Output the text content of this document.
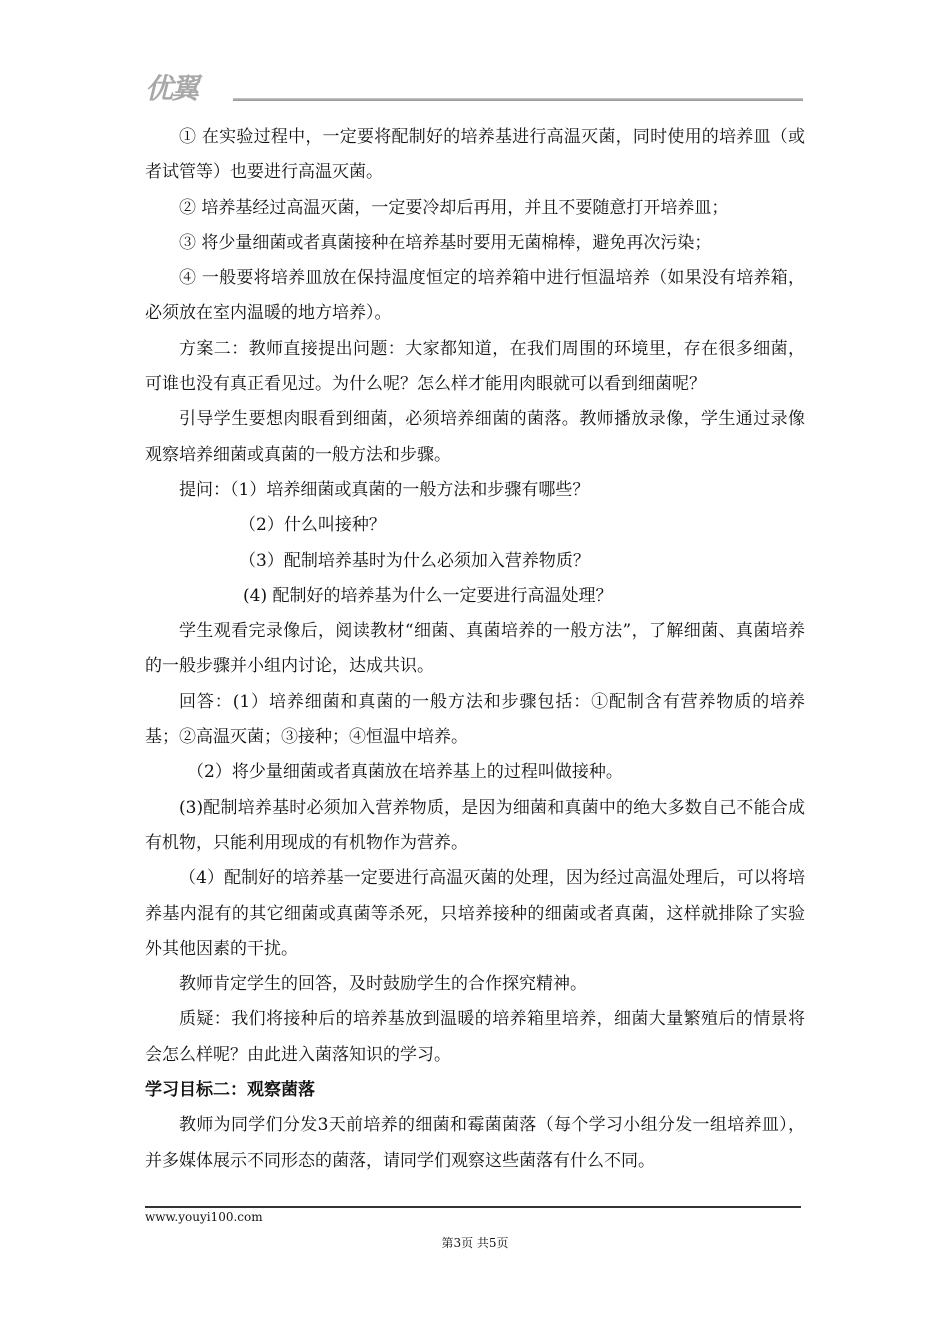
优翼

① 在实验过程中，一定要将配制好的培养基进行高温灭菌，同时使用的培养皿（或者试管等）也要进行高温灭菌。

② 培养基经过高温灭菌，一定要冷却后再用，并且不要随意打开培养皿；

③ 将少量细菌或者真菌接种在培养基时要用无菌棉棒，避免再次污染；

④ 一般要将培养皿放在保持温度恒定的培养箱中进行恒温培养（如果没有培养箱，必须放在室内温暖的地方培养）。

方案二：教师直接提出问题：大家都知道，在我们周围的环境里，存在很多细菌，可谁也没有真正看见过。为什么呢？怎么样才能用肉眼就可以看到细菌呢？

引导学生要想肉眼看到细菌，必须培养细菌的菌落。教师播放录像，学生通过录像观察培养细菌或真菌的一般方法和步骤。

提问：（1）培养细菌或真菌的一般方法和步骤有哪些？

（2）什么叫接种？

（3）配制培养基时为什么必须加入营养物质？

(4) 配制好的培养基为什么一定要进行高温处理？

学生观看完录像后，阅读教材“细菌、真菌培养的一般方法”，了解细菌、真菌培养的一般步骤并小组内讨论，达成共识。

回答：(1）培养细菌和真菌的一般方法和步骤包括：①配制含有营养物质的培养基；②高温灭菌；③接种；④恒温中培养。

（2）将少量细菌或者真菌放在培养基上的过程叫做接种。

(3)配制培养基时必须加入营养物质，是因为细菌和真菌中的绝大多数自己不能合成有机物，只能利用现成的有机物作为营养。

（4）配制好的培养基一定要进行高温灭菌的处理，因为经过高温处理后，可以将培养基内混有的其它细菌或真菌等杀死，只培养接种的细菌或者真菌，这样就排除了实验外其他因素的干扰。

教师肯定学生的回答，及时鼓励学生的合作探究精神。

质疑：我们将接种后的培养基放到温暖的培养箱里培养，细菌大量繁殖后的情景将会怎么样呢？由此进入菌落知识的学习。

学习目标二：观察菌落

教师为同学们分发3天前培养的细菌和霉菌菌落（每个学习小组分发一组培养皿），并多媒体展示不同形态的菌落，请同学们观察这些菌落有什么不同。

www.youyi100.com
第3页 共5页
